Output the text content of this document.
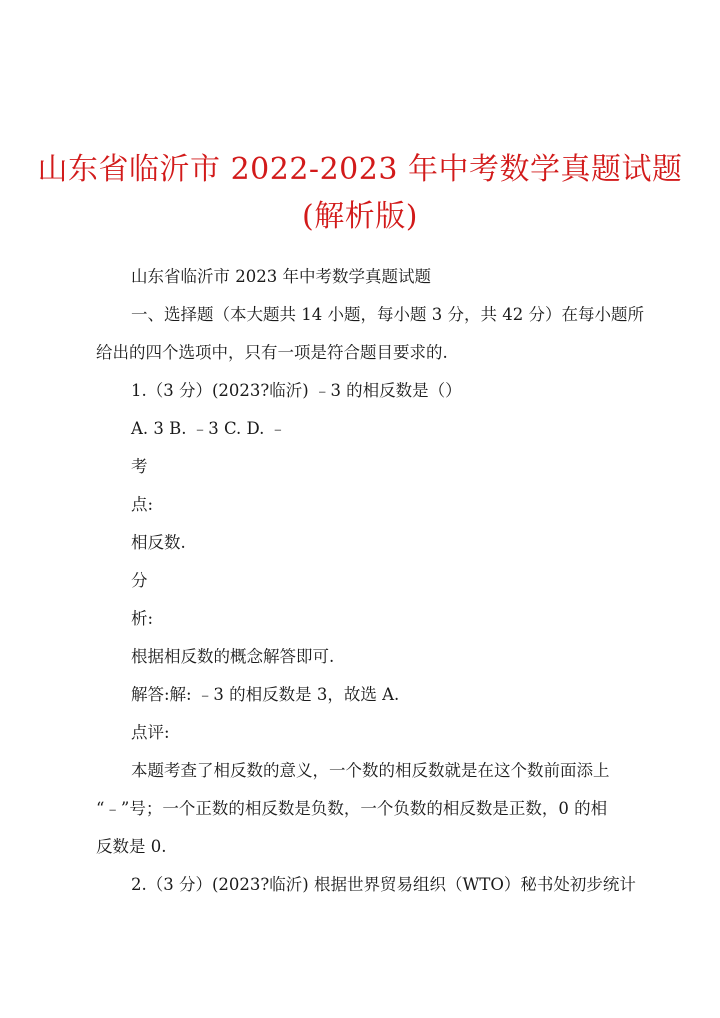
山东省临沂市 2022-2023 年中考数学真题试题
(解析版)
山东省临沂市 2023 年中考数学真题试题
一、选择题（本大题共 14 小题，每小题 3 分，共 42 分）在每小题所
给出的四个选项中，只有一项是符合题目要求的.
1.（3 分）(2023?临沂) ﹣3 的相反数是（）
A. 3 B. ﹣3 C. D. ﹣
考
点:
相反数.
分
析:
根据相反数的概念解答即可.
解答:解: ﹣3 的相反数是 3，故选 A.
点评:
本题考查了相反数的意义，一个数的相反数就是在这个数前面添上
“﹣”号；一个正数的相反数是负数，一个负数的相反数是正数，0 的相
反数是 0.
2.（3 分）(2023?临沂) 根据世界贸易组织（WTO）秘书处初步统计
